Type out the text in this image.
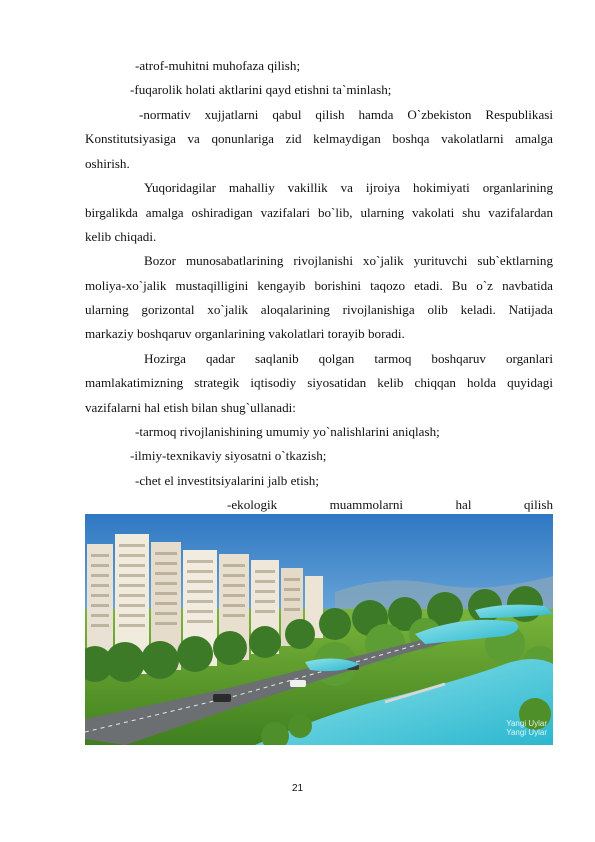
-atrof-muhitni muhofaza qilish;
-fuqarolik holati aktlarini qayd etishni ta`minlash;
-normativ xujjatlarni qabul qilish hamda O`zbekiston Respublikasi
Konstitutsiyasiga va qonunlariga zid kelmaydigan boshqa vakolatlarni amalga
oshirish.
Yuqoridagilar mahalliy vakillik va ijroiya hokimiyati organlarining
birgalikda amalga oshiradigan vazifalari bo`lib, ularning vakolati shu vazifalardan
kelib chiqadi.
Bozor munosabatlarining rivojlanishi xo`jalik yurituvchi sub`ektlarning
moliya-xo`jalik mustaqilligini kengayib borishini taqozo etadi. Bu o`z navbatida
ularning gorizontal xo`jalik aloqalarining rivojlanishiga olib keladi. Natijada
markaziy boshqaruv organlarining vakolatlari torayib boradi.
Hozirga qadar saqlanib qolgan tarmoq boshqaruv organlari
mamlakatimizning strategik iqtisodiy siyosatidan kelib chiqqan holda quyidagi
vazifalarni hal etish bilan shug`ullanadi:
-tarmoq rivojlanishining umumiy yo`nalishlarini aniqlash;
-ilmiy-texnikaviy siyosatni o`tkazish;
-chet el investitsiyalarini jalb etish;
-ekologik muammolarni hal qilish
Yangi Uylar
Yangi Uylar
21
